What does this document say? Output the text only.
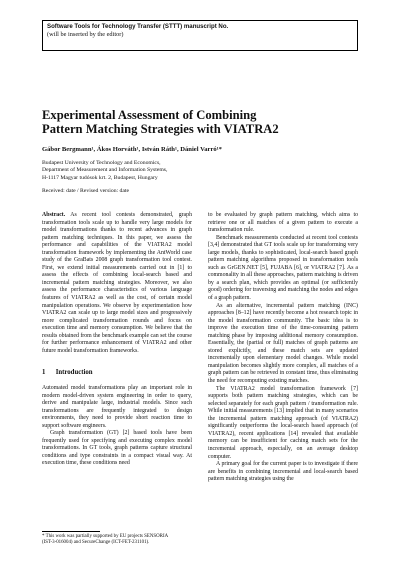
Software Tools for Technology Transfer (STTT) manuscript No.
(will be inserted by the editor)
Experimental Assessment of Combining
Pattern Matching Strategies with VIATRA2
Gábor Bergmann¹, Ákos Horváth¹, István Ráth¹, Dániel Varró¹*
Budapest University of Technology and Economics,
Department of Measurement and Information Systems,
H-1117 Magyar tudósok krt. 2, Budapest, Hungary
Received: date / Revised version: date

Abstract. As recent tool contests demonstrated, graph transformation tools scale up to handle very large models for model transformations thanks to recent advances in graph pattern matching techniques. In this paper, we assess the performance and capabilities of the VIATRA2 model transformation framework by implementing the AntWorld case study of the GraBats 2008 graph transformation tool contest. First, we extend initial measurements carried out in [1] to assess the effects of combining local-search based and incremental pattern matching strategies. Moreover, we also assess the performance characteristics of various language features of VIATRA2 as well as the cost, of certain model manipulation operations. We observe by experimentation how VIATRA2 can scale up to large model sizes and progressively more complicated transformation rounds and focus on execution time and memory consumption. We believe that the results obtained from the benchmark example can set the course for further performance enhancement of VIATRA2 and other future model transformation frameworks.

1 Introduction

Automated model transformations play an important role in modern model-driven system engineering in order to query, derive and manipulate large, industrial models. Since such transformations are frequently integrated to design environments, they need to provide short reaction time to support software engineers.

Graph transformation (GT) [2] based tools have been frequently used for specifying and executing complex model transformations. In GT tools, graph patterns capture structural conditions and type constraints in a compact visual way. At execution time, these conditions need

* This work was partially supported by EU projects SENSORIA
(IST-3-016004) and SecureChange (ICT-FET-231101).

to be evaluated by graph pattern matching, which aims to retrieve one or all matches of a given pattern to execute a transformation rule.

Benchmark measurements conducted at recent tool contests [3,4] demonstrated that GT tools scale up for transforming very large models, thanks to sophisticated, local-search based graph pattern matching algorithms proposed in transformation tools such as GrGEN.NET [5], FUJABA [6], or VIATRA2 [7]. As a commonality in all these approaches, pattern matching is driven by a search plan, which provides an optimal (or sufficiently good) ordering for traversing and matching the nodes and edges of a graph pattern.

As an alternative, incremental pattern matching (INC) approaches [8–12] have recently become a hot research topic in the model transformation community. The basic idea is to improve the execution time of the time-consuming pattern matching phase by imposing additional memory consumption. Essentially, the (partial or full) matches of graph patterns are stored explicitly, and these match sets are updated incrementally upon elementary model changes. While model manipulation becomes slightly more complex, all matches of a graph pattern can be retrieved in constant time, thus eliminating the need for recomputing existing matches.

The VIATRA2 model transformation framework [7] supports both pattern matching strategies, which can be selected separately for each graph pattern / transformation rule. While initial measurements [13] implied that in many scenarios the incremental pattern matching approach (of VIATRA2) significantly outperforms the local-search based approach (of VIATRA2), recent applications [14] revealed that available memory can be insufficient for caching match sets for the incremental approach, especially, on an average desktop computer.

A primary goal for the current paper is to investigate if there are benefits in combining incremental and local-search based pattern matching strategies using the
